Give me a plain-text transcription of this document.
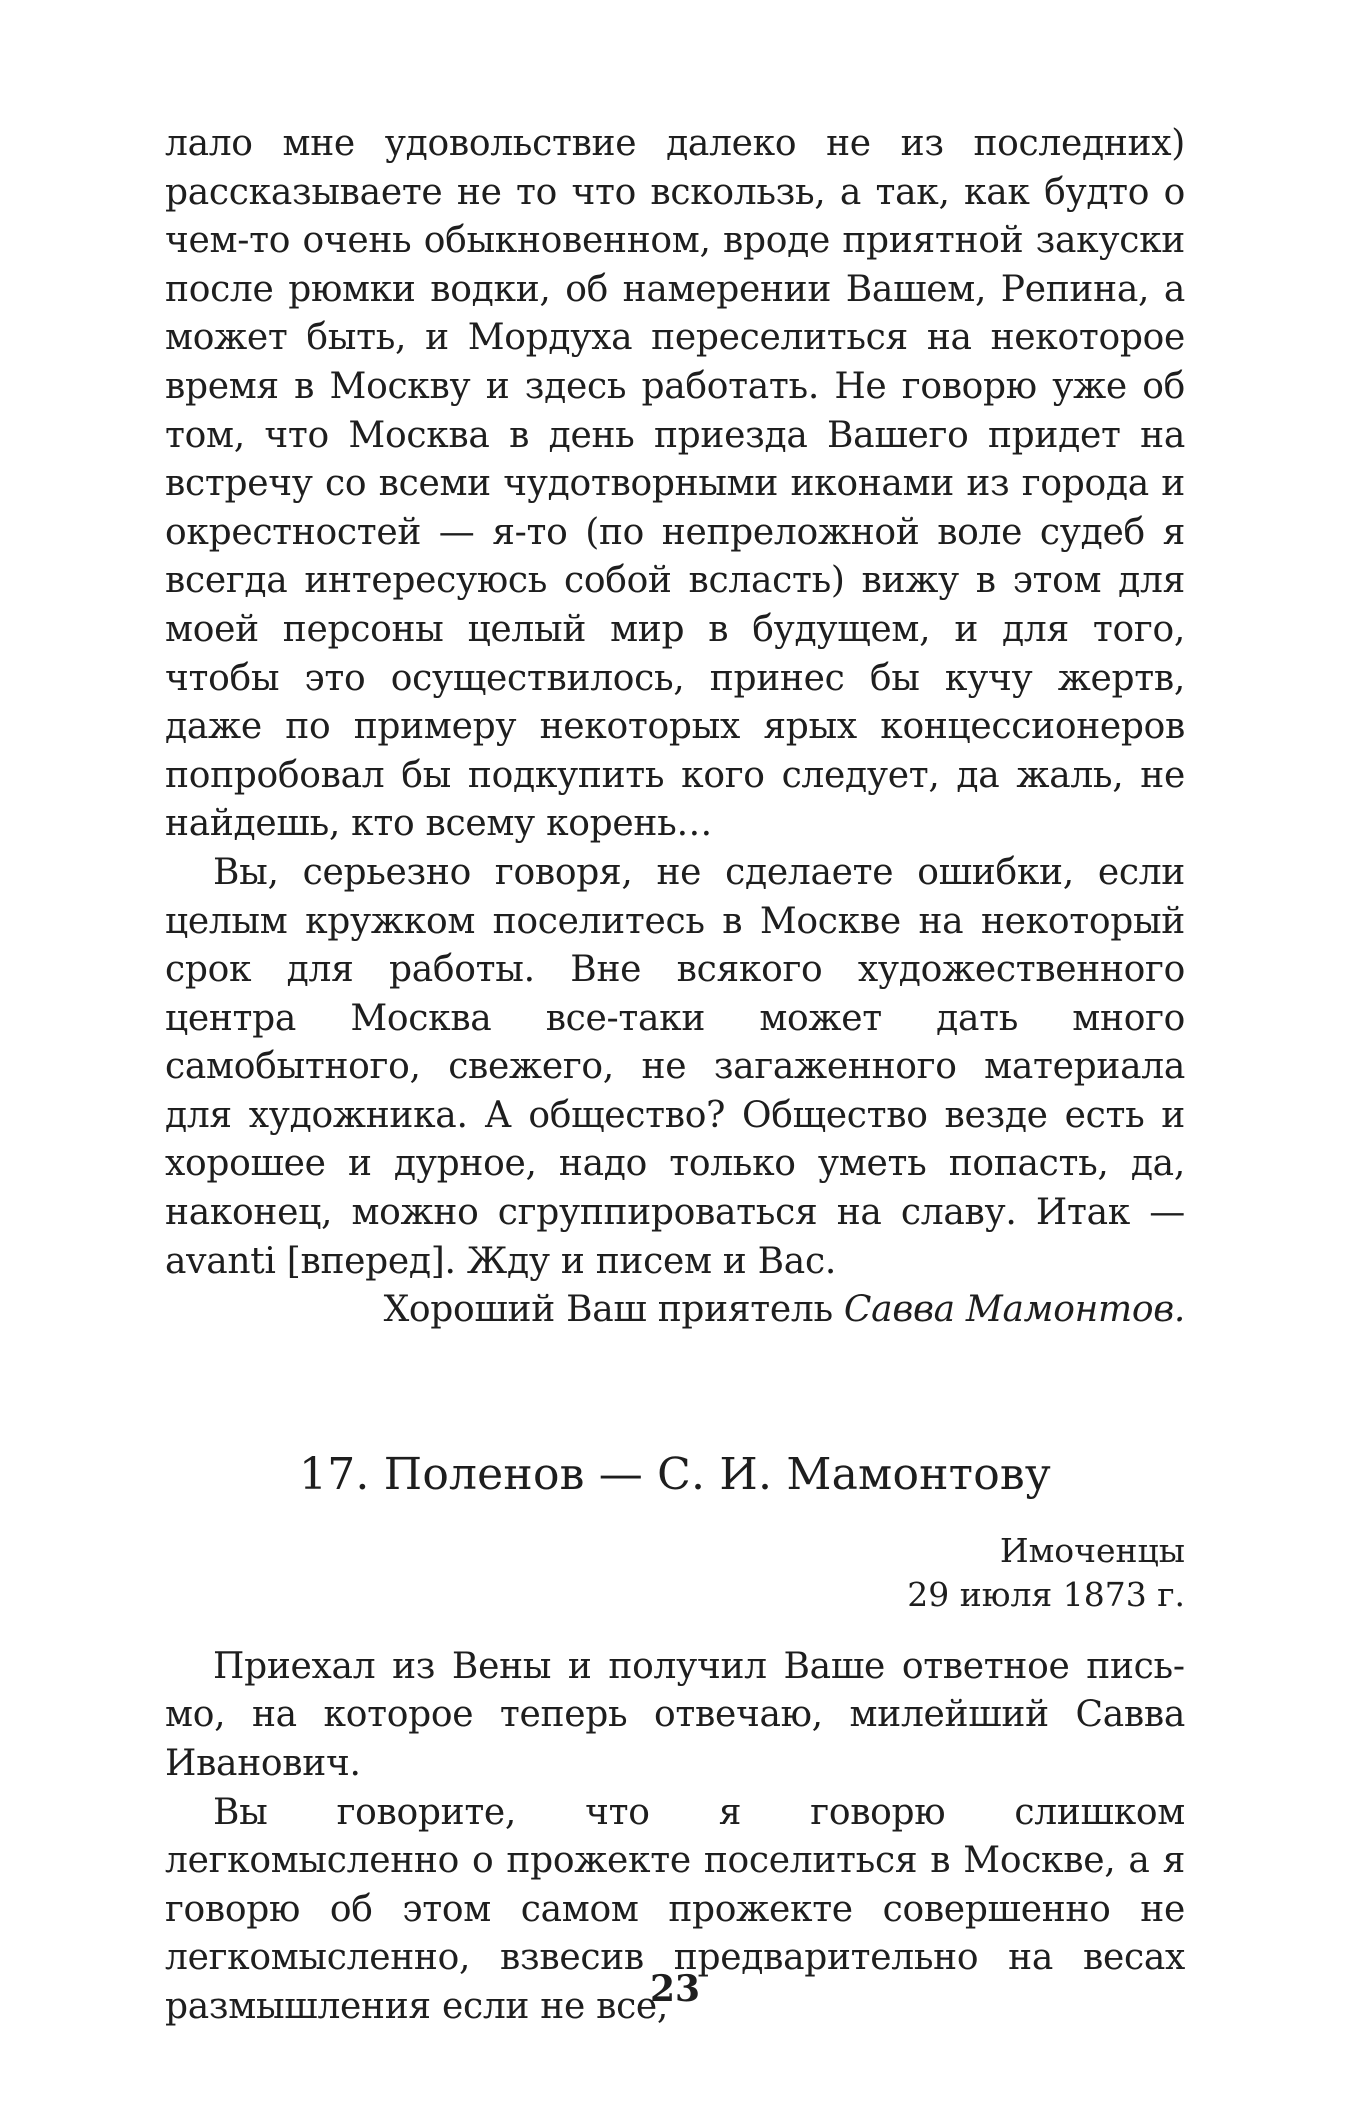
лало мне удовольствие далеко не из последних) рассказываете не то что вскользь, а так, как будто о чем-то очень обыкновенном, вроде приятной закуски после рюмки водки, об намерении Вашем, Репина, а может быть, и Мордуха переселиться на некоторое время в Москву и здесь работать. Не говорю уже об том, что Москва в день приезда Вашего придет на встречу со всеми чудотворными иконами из города и окрестностей — я-то (по непреложной воле судеб я всегда интересуюсь собой всласть) вижу в этом для моей персоны целый мир в будущем, и для того, чтобы это осуществилось, принес бы кучу жертв, даже по примеру некоторых ярых концессионеров попробовал бы подкупить кого следует, да жаль, не найдешь, кто всему корень…

Вы, серьезно говоря, не сделаете ошибки, если целым кружком поселитесь в Москве на некоторый срок для работы. Вне всякого художественного центра Москва все-таки может дать много самобытного, свежего, не загаженного материала для художника. А общество? Общество везде есть и хорошее и дурное, надо только уметь попасть, да, наконец, можно сгруппироваться на славу. Итак — avanti [вперед]. Жду и писем и Вас.

Хороший Ваш приятель Савва Мамонтов.

17. Поленов — С. И. Мамонтову
Имоченцы
29 июля 1873 г.

Приехал из Вены и получил Ваше ответное письмо, на которое теперь отвечаю, милейший Савва Иванович.

Вы говорите, что я говорю слишком легкомысленно о прожекте поселиться в Москве, а я говорю об этом самом прожекте совершенно не легкомысленно, взвесив предварительно на весах размышления если не все,

23
